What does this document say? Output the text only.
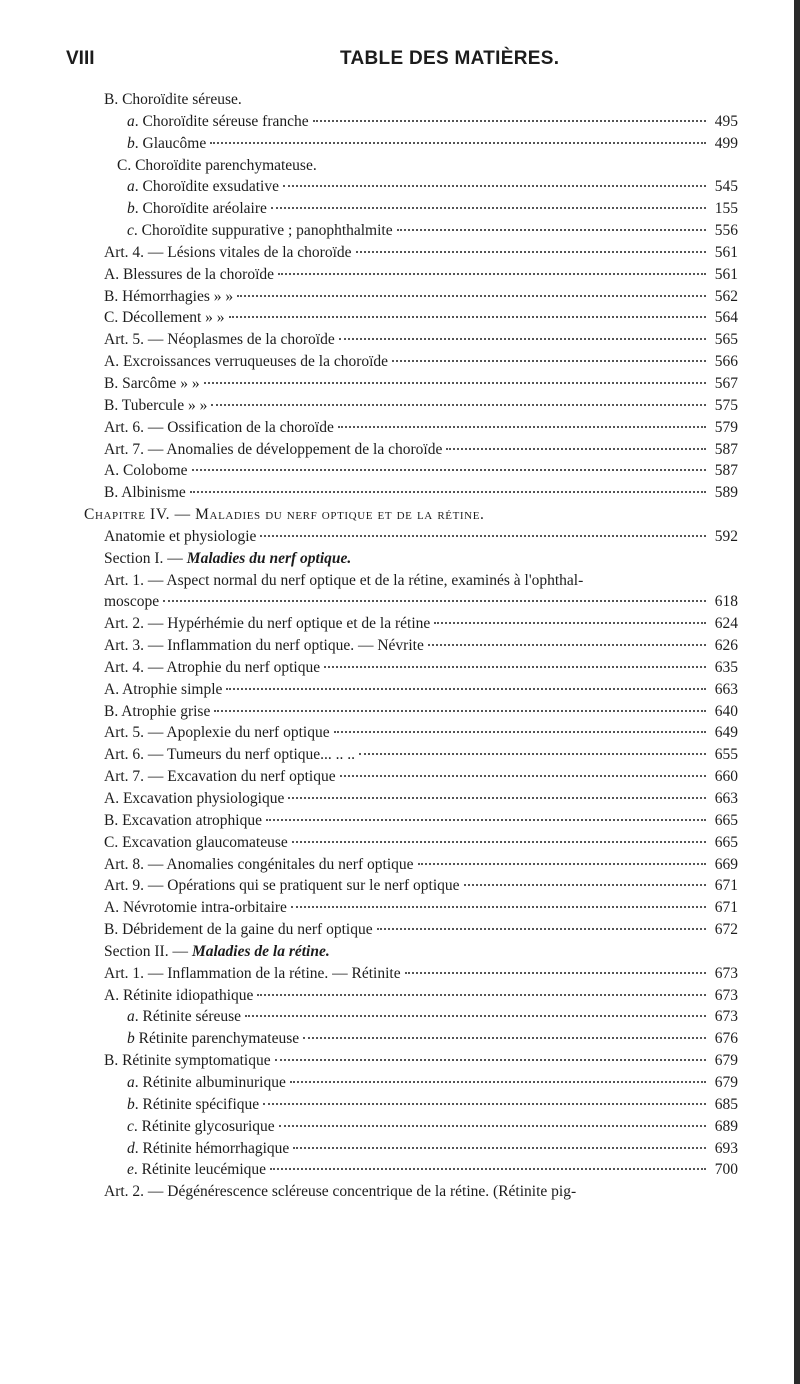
VIII	TABLE DES MATIÈRES.
B. Choroïdite séreuse.
a. Choroïdite séreuse franche	495
b. Glaucôme	499
C. Choroïdite parenchymateuse.
a. Choroïdite exsudative	545
b. Choroïdite aréolaire	155
c. Choroïdite suppurative ; panophthalmite	556
Art. 4. — Lésions vitales de la choroïde	561
A. Blessures de la choroïde	561
B. Hémorrhagies » »	562
C. Décollement » »	564
Art. 5. — Néoplasmes de la choroïde	565
A. Excroissances verruqueuses de la choroïde	566
B. Sarcôme » »	567
B. Tubercule » »	575
Art. 6. — Ossification de la choroïde	579
Art. 7. — Anomalies de développement de la choroïde	587
A. Colobome	587
B. Albinisme	589
Chapitre IV. — Maladies du nerf optique et de la rétine.
Anatomie et physiologie	592
Section I. — Maladies du nerf optique.
Art. 1. — Aspect normal du nerf optique et de la rétine, examinés à l'ophthal-
moscope	618
Art. 2. — Hypérhémie du nerf optique et de la rétine	624
Art. 3. — Inflammation du nerf optique. — Névrite	626
Art. 4. — Atrophie du nerf optique	635
A. Atrophie simple	663
B. Atrophie grise	640
Art. 5. — Apoplexie du nerf optique	649
Art. 6. — Tumeurs du nerf optique... .. ..	655
Art. 7. — Excavation du nerf optique	660
A. Excavation physiologique	663
B. Excavation atrophique	665
C. Excavation glaucomateuse	665
Art. 8. — Anomalies congénitales du nerf optique	669
Art. 9. — Opérations qui se pratiquent sur le nerf optique	671
A. Névrotomie intra-orbitaire	671
B. Débridement de la gaine du nerf optique	672
Section II. — Maladies de la rétine.
Art. 1. — Inflammation de la rétine. — Rétinite	673
A. Rétinite idiopathique	673
a. Rétinite séreuse	673
b Rétinite parenchymateuse	676
B. Rétinite symptomatique	679
a. Rétinite albuminurique	679
b. Rétinite spécifique	685
c. Rétinite glycosurique	689
d. Rétinite hémorrhagique	693
e. Rétinite leucémique	700
Art. 2. — Dégénérescence scléreuse concentrique de la rétine. (Rétinite pig-
